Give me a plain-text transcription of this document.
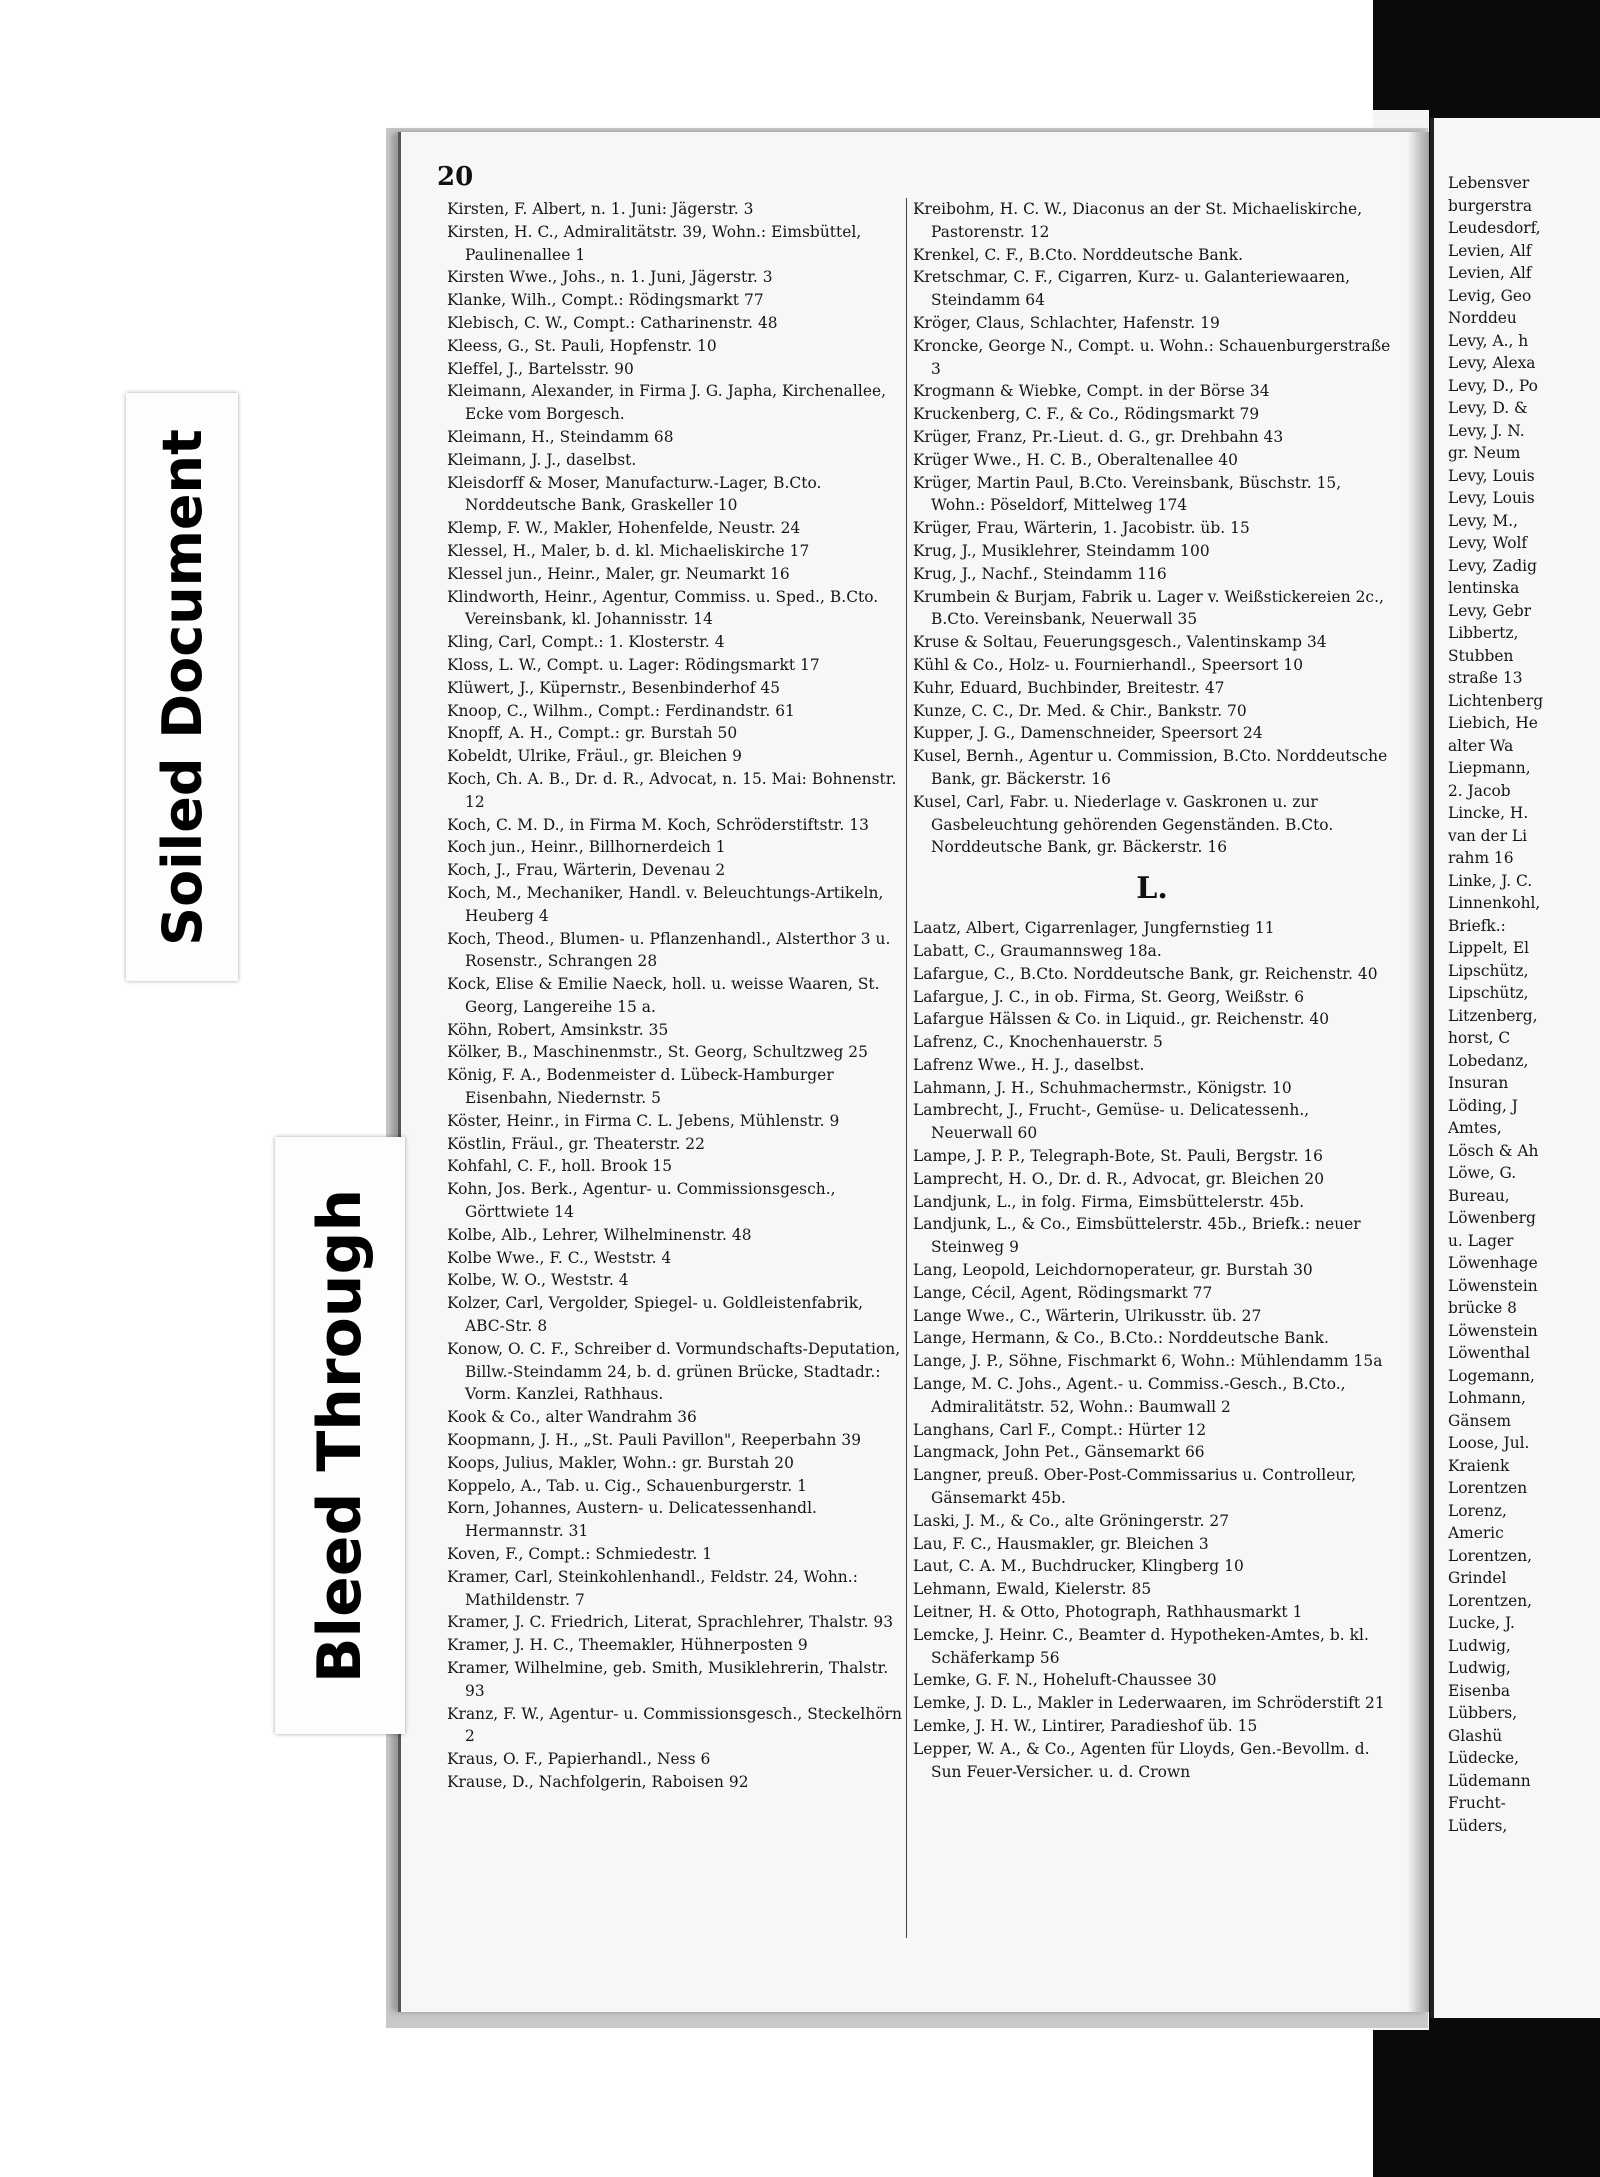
20
Kirsten, F. Albert, n. 1. Juni: Jägerstr. 3
Kirsten, H. C., Admiralitätstr. 39, Wohn.: Eimsbüttel, Paulinenallee 1
Kirsten Wwe., Johs., n. 1. Juni, Jägerstr. 3
Klanke, Wilh., Compt.: Rödingsmarkt 77
Klebisch, C. W., Compt.: Catharinenstr. 48
Kleess, G., St. Pauli, Hopfenstr. 10
Kleffel, J., Bartelsstr. 90
Kleimann, Alexander, in Firma J. G. Japha, Kirchenallee, Ecke vom Borgesch.
Kleimann, H., Steindamm 68
Kleimann, J. J., daselbst.
Kleisdorff & Moser, Manufacturw.-Lager, B.Cto. Norddeutsche Bank, Graskeller 10
Klemp, F. W., Makler, Hohenfelde, Neustr. 24
Klessel, H., Maler, b. d. kl. Michaeliskirche 17
Klessel jun., Heinr., Maler, gr. Neumarkt 16
Klindworth, Heinr., Agentur, Commiss. u. Sped., B.Cto. Vereinsbank, kl. Johannisstr. 14
Kling, Carl, Compt.: 1. Klosterstr. 4
Kloss, L. W., Compt. u. Lager: Rödingsmarkt 17
Klüwert, J., Küpernstr., Besenbinderhof 45
Knoop, C., Wilhm., Compt.: Ferdinandstr. 61
Knopff, A. H., Compt.: gr. Burstah 50
Kobeldt, Ulrike, Fräul., gr. Bleichen 9
Koch, Ch. A. B., Dr. d. R., Advocat, n. 15. Mai: Bohnenstr. 12
Koch, C. M. D., in Firma M. Koch, Schröderstiftstr. 13
Koch jun., Heinr., Billhornerdeich 1
Koch, J., Frau, Wärterin, Devenau 2
Koch, M., Mechaniker, Handl. v. Beleuchtungs-Artikeln, Heuberg 4
Koch, Theod., Blumen- u. Pflanzenhandl., Alsterthor 3 u. Rosenstr., Schrangen 28
Kock, Elise & Emilie Naeck, holl. u. weisse Waaren, St. Georg, Langereihe 15 a.
Köhn, Robert, Amsinkstr. 35
Kölker, B., Maschinenmstr., St. Georg, Schultzweg 25
König, F. A., Bodenmeister d. Lübeck-Hamburger Eisenbahn, Niedernstr. 5
Köster, Heinr., in Firma C. L. Jebens, Mühlenstr. 9
Köstlin, Fräul., gr. Theaterstr. 22
Kohfahl, C. F., holl. Brook 15
Kohn, Jos. Berk., Agentur- u. Commissionsgesch., Görttwiete 14
Kolbe, Alb., Lehrer, Wilhelminenstr. 48
Kolbe Wwe., F. C., Weststr. 4
Kolbe, W. O., Weststr. 4
Kolzer, Carl, Vergolder, Spiegel- u. Goldleistenfabrik, ABC-Str. 8
Konow, O. C. F., Schreiber d. Vormundschafts-Deputation, Billw.-Steindamm 24, b. d. grünen Brücke, Stadtadr.: Vorm. Kanzlei, Rathhaus.
Kook & Co., alter Wandrahm 36
Koopmann, J. H., „St. Pauli Pavillon", Reeperbahn 39
Koops, Julius, Makler, Wohn.: gr. Burstah 20
Koppelo, A., Tab. u. Cig., Schauenburgerstr. 1
Korn, Johannes, Austern- u. Delicatessenhandl. Hermannstr. 31
Koven, F., Compt.: Schmiedestr. 1
Kramer, Carl, Steinkohlenhandl., Feldstr. 24, Wohn.: Mathildenstr. 7
Kramer, J. C. Friedrich, Literat, Sprachlehrer, Thalstr. 93
Kramer, J. H. C., Theemakler, Hühnerposten 9
Kramer, Wilhelmine, geb. Smith, Musiklehrerin, Thalstr. 93
Kranz, F. W., Agentur- u. Commissionsgesch., Steckelhörn 2
Kraus, O. F., Papierhandl., Ness 6
Krause, D., Nachfolgerin, Raboisen 92
Kreibohm, H. C. W., Diaconus an der St. Michaeliskirche, Pastorenstr. 12
Krenkel, C. F., B.Cto. Norddeutsche Bank.
Kretschmar, C. F., Cigarren, Kurz- u. Galanteriewaaren, Steindamm 64
Kröger, Claus, Schlachter, Hafenstr. 19
Kroncke, George N., Compt. u. Wohn.: Schauenburgerstraße 3
Krogmann & Wiebke, Compt. in der Börse 34
Kruckenberg, C. F., & Co., Rödingsmarkt 79
Krüger, Franz, Pr.-Lieut. d. G., gr. Drehbahn 43
Krüger Wwe., H. C. B., Oberaltenallee 40
Krüger, Martin Paul, B.Cto. Vereinsbank, Büschstr. 15, Wohn.: Pöseldorf, Mittelweg 174
Krüger, Frau, Wärterin, 1. Jacobistr. üb. 15
Krug, J., Musiklehrer, Steindamm 100
Krug, J., Nachf., Steindamm 116
Krumbein & Burjam, Fabrik u. Lager v. Weißstickereien 2c., B.Cto. Vereinsbank, Neuerwall 35
Kruse & Soltau, Feuerungsgesch., Valentinskamp 34
Kühl & Co., Holz- u. Fournierhandl., Speersort 10
Kuhr, Eduard, Buchbinder, Breitestr. 47
Kunze, C. C., Dr. Med. & Chir., Bankstr. 70
Kupper, J. G., Damenschneider, Speersort 24
Kusel, Bernh., Agentur u. Commission, B.Cto. Norddeutsche Bank, gr. Bäckerstr. 16
Kusel, Carl, Fabr. u. Niederlage v. Gaskronen u. zur Gasbeleuchtung gehörenden Gegenständen. B.Cto. Norddeutsche Bank, gr. Bäckerstr. 16
L.
Laatz, Albert, Cigarrenlager, Jungfernstieg 11
Labatt, C., Graumannsweg 18a.
Lafargue, C., B.Cto. Norddeutsche Bank, gr. Reichenstr. 40
Lafargue, J. C., in ob. Firma, St. Georg, Weißstr. 6
Lafargue Hälssen & Co. in Liquid., gr. Reichenstr. 40
Lafrenz, C., Knochenhauerstr. 5
Lafrenz Wwe., H. J., daselbst.
Lahmann, J. H., Schuhmachermstr., Königstr. 10
Lambrecht, J., Frucht-, Gemüse- u. Delicatessenh., Neuerwall 60
Lampe, J. P. P., Telegraph-Bote, St. Pauli, Bergstr. 16
Lamprecht, H. O., Dr. d. R., Advocat, gr. Bleichen 20
Landjunk, L., in folg. Firma, Eimsbüttelerstr. 45b.
Landjunk, L., & Co., Eimsbüttelerstr. 45b., Briefk.: neuer Steinweg 9
Lang, Leopold, Leichdornoperateur, gr. Burstah 30
Lange, Cécil, Agent, Rödingsmarkt 77
Lange Wwe., C., Wärterin, Ulrikusstr. üb. 27
Lange, Hermann, & Co., B.Cto.: Norddeutsche Bank.
Lange, J. P., Söhne, Fischmarkt 6, Wohn.: Mühlendamm 15a
Lange, M. C. Johs., Agent.- u. Commiss.-Gesch., B.Cto., Admiralitätstr. 52, Wohn.: Baumwall 2
Langhans, Carl F., Compt.: Hürter 12
Langmack, John Pet., Gänsemarkt 66
Langner, preuß. Ober-Post-Commissarius u. Controlleur, Gänsemarkt 45b.
Laski, J. M., & Co., alte Gröningerstr. 27
Lau, F. C., Hausmakler, gr. Bleichen 3
Laut, C. A. M., Buchdrucker, Klingberg 10
Lehmann, Ewald, Kielerstr. 85
Leitner, H. & Otto, Photograph, Rathhausmarkt 1
Lemcke, J. Heinr. C., Beamter d. Hypotheken-Amtes, b. kl. Schäferkamp 56
Lemke, G. F. N., Hoheluft-Chaussee 30
Lemke, J. D. L., Makler in Lederwaaren, im Schröderstift 21
Lemke, J. H. W., Lintirer, Paradieshof üb. 15
Lepper, W. A., & Co., Agenten für Lloyds, Gen.-Bevollm. d. Sun Feuer-Versicher. u. d. Crown
Lebensver
burgerstra
Leudesdorf,
Levien, Alf
Levien, Alf
Levig, Geo
Norddeu
Levy, A., h
Levy, Alexa
Levy, D., Po
Levy, D. &
Levy, J. N.
gr. Neum
Levy, Louis
Levy, Louis
Levy, M.,
Levy, Wolf
Levy, Zadig
lentinska
Levy, Gebr
Libbertz,
Stubben
straße 13
Lichtenberg
Liebich, He
alter Wa
Liepmann,
2. Jacob
Lincke, H.
van der Li
rahm 16
Linke, J. C.
Linnenkohl,
Briefk.:
Lippelt, El
Lipschütz,
Lipschütz,
Litzenberg,
horst, C
Lobedanz,
Insuran
Löding, J
Amtes,
Lösch & Ah
Löwe, G.
Bureau,
Löwenberg
u. Lager
Löwenhage
Löwenstein
brücke 8
Löwenstein
Löwenthal
Logemann,
Lohmann,
Gänsem
Loose, Jul.
Kraienk
Lorentzen
Lorenz,
Americ
Lorentzen,
Grindel
Lorentzen,
Lucke, J.
Ludwig,
Ludwig,
Eisenba
Lübbers,
Glashü
Lüdecke,
Lüdemann
Frucht-
Lüders,
Soiled Document
Bleed Through
